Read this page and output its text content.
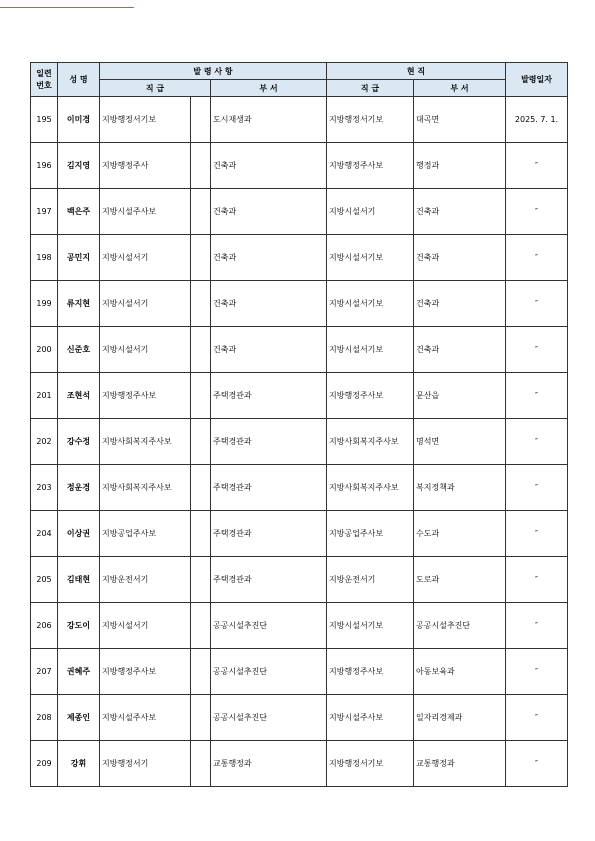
일련
번호	성 명	발 령 사 항			현 직		발령일자
		직 급		부 서	직 급	부 서	
195	이미경	지방행정서기보		도시재생과	지방행정서기보	대곡면	2025. 7. 1.
196	김지영	지방행정주사		건축과	지방행정주사보	행정과	″
197	백은주	지방시설주사보		건축과	지방시설서기	건축과	″
198	공민지	지방시설서기		건축과	지방시설서기보	건축과	″
199	류지현	지방시설서기		건축과	지방시설서기보	건축과	″
200	신준호	지방시설서기		건축과	지방시설서기보	건축과	″
201	조현석	지방행정주사보		주택경관과	지방행정주사보	문산읍	″
202	강수정	지방사회복지주사보		주택경관과	지방사회복지주사보	명석면	″
203	정운경	지방사회복지주사보		주택경관과	지방사회복지주사보	복지정책과	″
204	이상권	지방공업주사보		주택경관과	지방공업주사보	수도과	″
205	김태현	지방운전서기		주택경관과	지방운전서기	도로과	″
206	강도이	지방시설서기		공공시설추진단	지방시설서기보	공공시설추진단	″
207	권혜주	지방행정주사보		공공시설추진단	지방행정주사보	아동보육과	″
208	제종인	지방시설주사보		공공시설추진단	지방시설주사보	일자리경제과	″
209	강휘	지방행정서기		교통행정과	지방행정서기보	교통행정과	″
